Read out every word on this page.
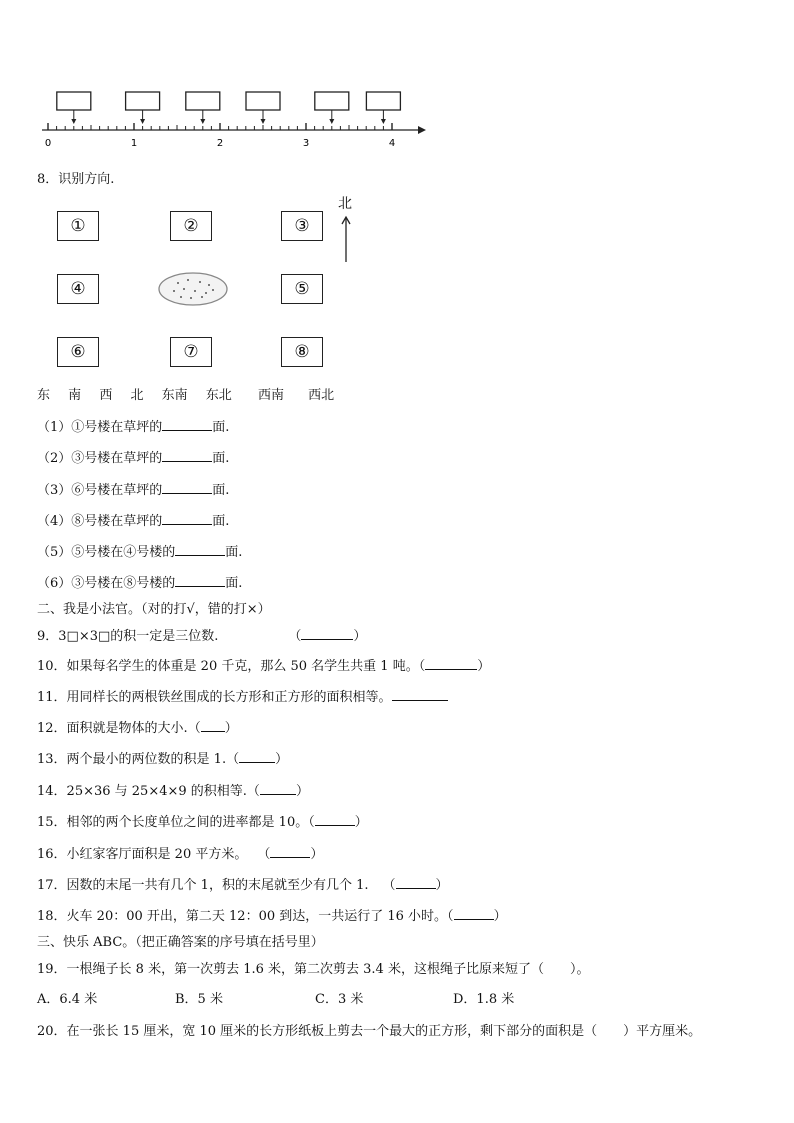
0	1	2	3	4
8．识别方向.
①	②	③
④	⑤
⑥	⑦	⑧
北
东 南 西 北 东南 东北 西南 西北
（1）①号楼在草坪的	面.
（2）③号楼在草坪的	面.
（3）⑥号楼在草坪的	面.
（4）⑧号楼在草坪的	面.
（5）⑤号楼在④号楼的	面.
（6）③号楼在⑧号楼的	面.
二、我是小法官。（对的打√，错的打×）
9．3□×3□的积一定是三位数.	（	）
10．如果每名学生的体重是 20 千克，那么 50 名学生共重 1 吨。（	）
11．用同样长的两根铁丝围成的长方形和正方形的面积相等。
12．面积就是物体的大小.（ ）
13．两个最小的两位数的积是 1.（	）
14．25×36 与 25×4×9 的积相等.（	）
15．相邻的两个长度单位之间的进率都是 10。（	）
16．小红家客厅面积是 20 平方米。 （	）
17．因数的末尾一共有几个 1，积的末尾就至少有几个 1. （	）
18．火车 20：00 开出，第二天 12：00 到达，一共运行了 16 小时。（	）
三、快乐 ABC。（把正确答案的序号填在括号里）
19．一根绳子长 8 米，第一次剪去 1.6 米，第二次剪去 3.4 米，这根绳子比原来短了（　　）。
A．6.4 米	B．5 米	C．3 米	D．1.8 米
20．在一张长 15 厘米，宽 10 厘米的长方形纸板上剪去一个最大的正方形，剩下部分的面积是（　　）平方厘米。
